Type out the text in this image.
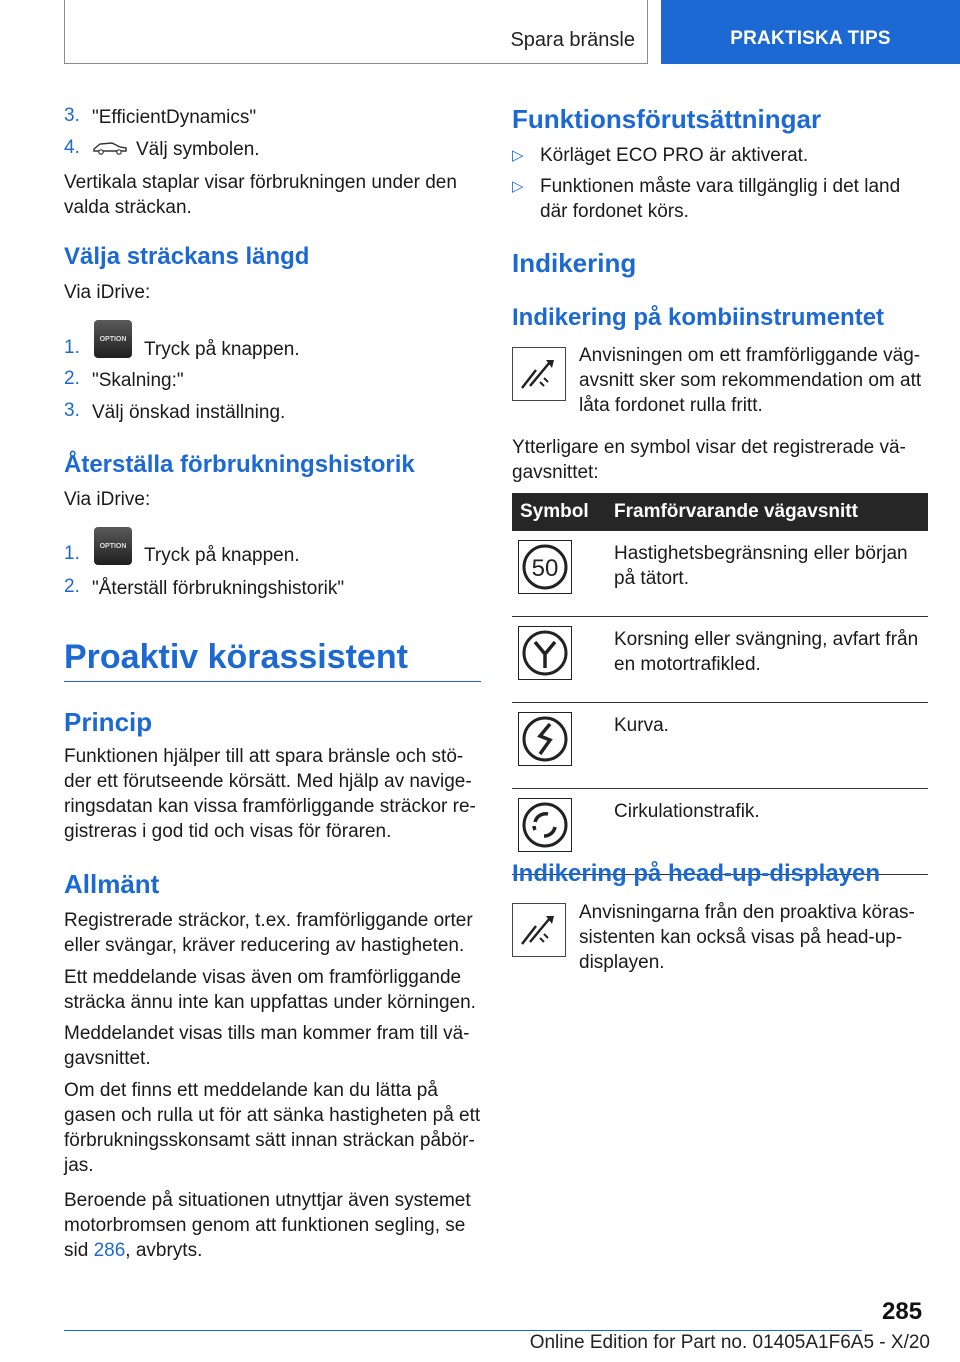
Spara bränsle	PRAKTISKA TIPS
3. "EfficientDynamics"
4.	Välj symbolen.

Vertikala staplar visar förbrukningen under den valda sträckan.

Välja sträckans längd

Via iDrive:

1.	OPTION Tryck på knappen.
2. "Skalning:"
3. Välj önskad inställning.
Återställa förbrukningshistorik

Via iDrive:

1.	OPTION Tryck på knappen.
2. "Återställ förbrukningshistorik"
Proaktiv körassistent
Princip

Funktionen hjälper till att spara bränsle och stö-der ett förutseende körsätt. Med hjälp av navige-ringsdatan kan vissa framförliggande sträckor re-gistreras i god tid och visas för föraren.

Allmänt

Registrerade sträckor, t.ex. framförliggande orter eller svängar, kräver reducering av hastigheten.

Ett meddelande visas även om framförliggande sträcka ännu inte kan uppfattas under körningen.

Meddelandet visas tills man kommer fram till vä-gavsnittet.

Om det finns ett meddelande kan du lätta på gasen och rulla ut för att sänka hastigheten på ett förbrukningsskonsamt sätt innan sträckan påbör-jas.

Beroende på situationen utnyttjar även systemet motorbromsen genom att funktionen segling, se sid 286, avbryts.

Funktionsförutsättningar
▷ Körläget ECO PRO är aktiverat.
▷ Funktionen måste vara tillgänglig i det land där fordonet körs.
Indikering
Indikering på kombiinstrumentet

Anvisningen om ett framförliggande väg-avsnitt sker som rekommendation om att låta fordonet rulla fritt.

Ytterligare en symbol visar det registrerade vä-gavsnittet:

Symbol	Framförvarande vägavsnitt

50	Hastighetsbegränsning eller början på tätort.

	Korsning eller svängning, avfart från en motortrafikled.

	Kurva.

	Cirkulationstrafik.
Indikering på head-up-displayen

Anvisningarna från den proaktiva köras-sistenten kan också visas på head-up-displayen.

285
Online Edition for Part no. 01405A1F6A5 - X/20
